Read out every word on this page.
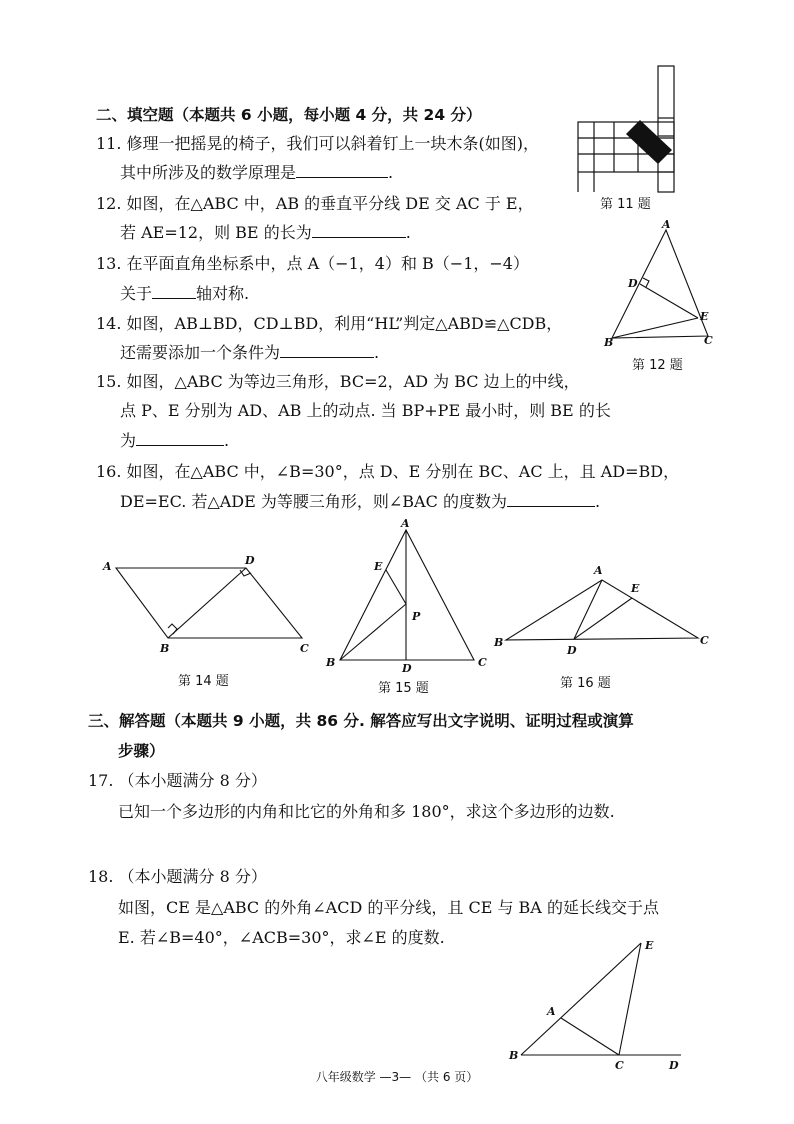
二、填空题（本题共 6 小题，每小题 4 分，共 24 分）
11. 修理一把摇晃的椅子，我们可以斜着钉上一块木条(如图)，
其中所涉及的数学原理是	.
12. 如图，在△ABC 中，AB 的垂直平分线 DE 交 AC 于 E，
若 AE=12，则 BE 的长为	.
13. 在平面直角坐标系中，点 A（−1，4）和 B（−1，−4）
关于	轴对称.
14. 如图，AB⊥BD，CD⊥BD，利用“HL”判定△ABD≌△CDB，
还需要添加一个条件为	.
15. 如图，△ABC 为等边三角形，BC=2，AD 为 BC 边上的中线，
点 P、E 分别为 AD、AB 上的动点. 当 BP+PE 最小时，则 BE 的长
为	.
16. 如图，在△ABC 中，∠B=30°，点 D、E 分别在 BC、AC 上，且 AD=BD，
DE=EC. 若△ADE 为等腰三角形，则∠BAC 的度数为	.
第 11 题
A
D
E
B	C
第 12 题
A	D
B	C
第 14 题
A
E
P
B	D	C
第 15 题
A
E
B
D
C
第 16 题
三、解答题（本题共 9 小题，共 86 分. 解答应写出文字说明、证明过程或演算
步骤）
17. （本小题满分 8 分）
已知一个多边形的内角和比它的外角和多 180°，求这个多边形的边数.
18. （本小题满分 8 分）
如图，CE 是△ABC 的外角∠ACD 的平分线，且 CE 与 BA 的延长线交于点
E. 若∠B=40°，∠ACB=30°，求∠E 的度数.	E
A
B
C	D
八年级数学 —3— （共 6 页）
